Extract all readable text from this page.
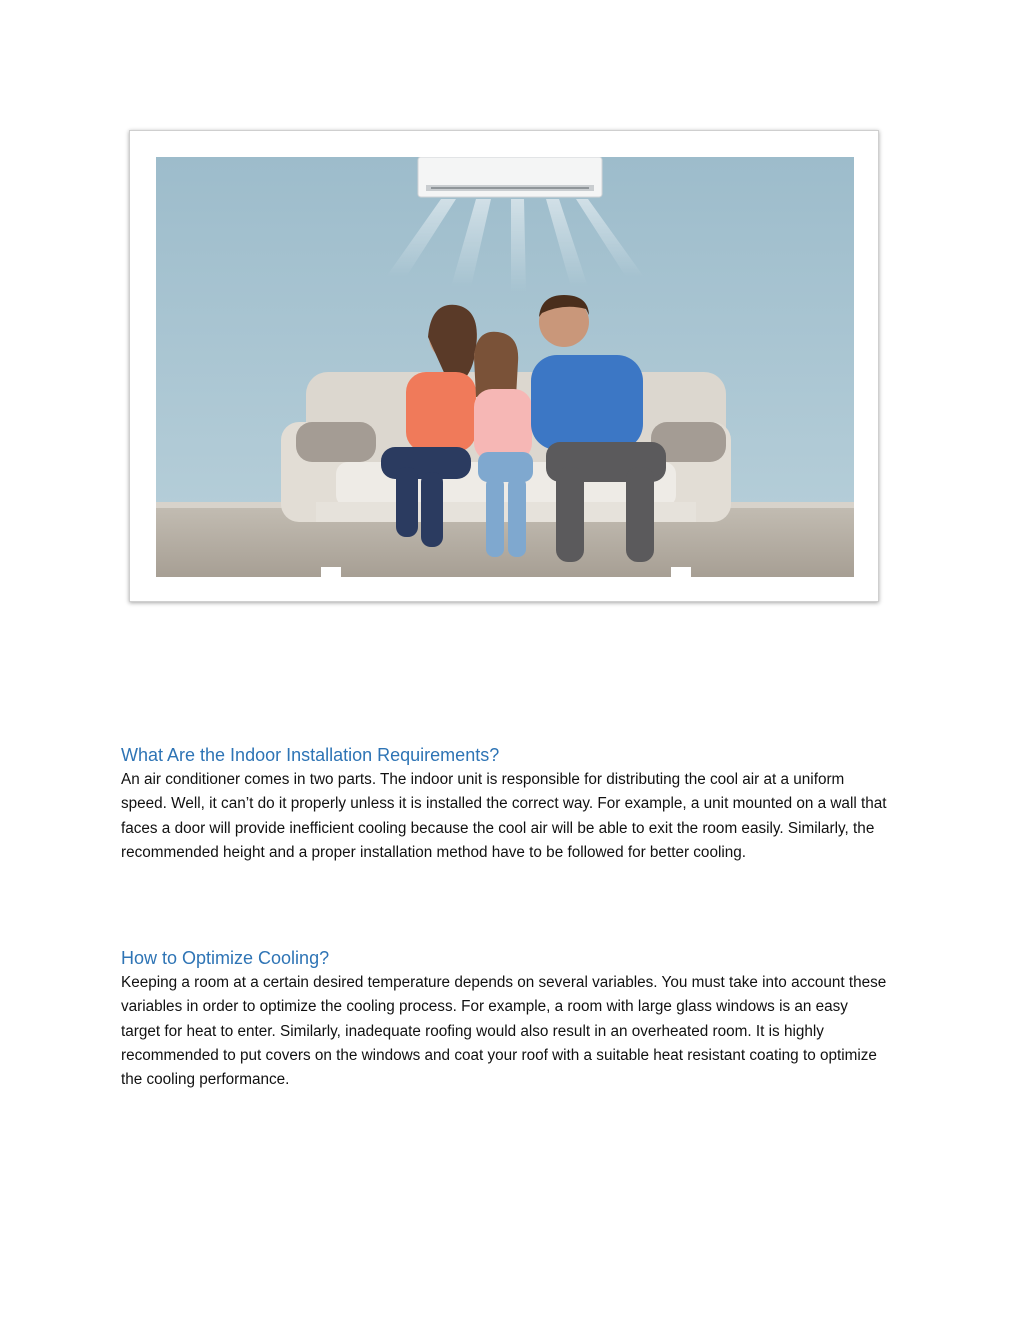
What Are the Indoor Installation Requirements?

An air conditioner comes in two parts. The indoor unit is responsible for distributing the cool air at a uniform speed. Well, it can’t do it properly unless it is installed the correct way. For example, a unit mounted on a wall that faces a door will provide inefficient cooling because the cool air will be able to exit the room easily. Similarly, the recommended height and a proper installation method have to be followed for better cooling.

How to Optimize Cooling?

Keeping a room at a certain desired temperature depends on several variables. You must take into account these variables in order to optimize the cooling process. For example, a room with large glass windows is an easy target for heat to enter. Similarly, inadequate roofing would also result in an overheated room. It is highly recommended to put covers on the windows and coat your roof with a suitable heat resistant coating to optimize the cooling performance.
